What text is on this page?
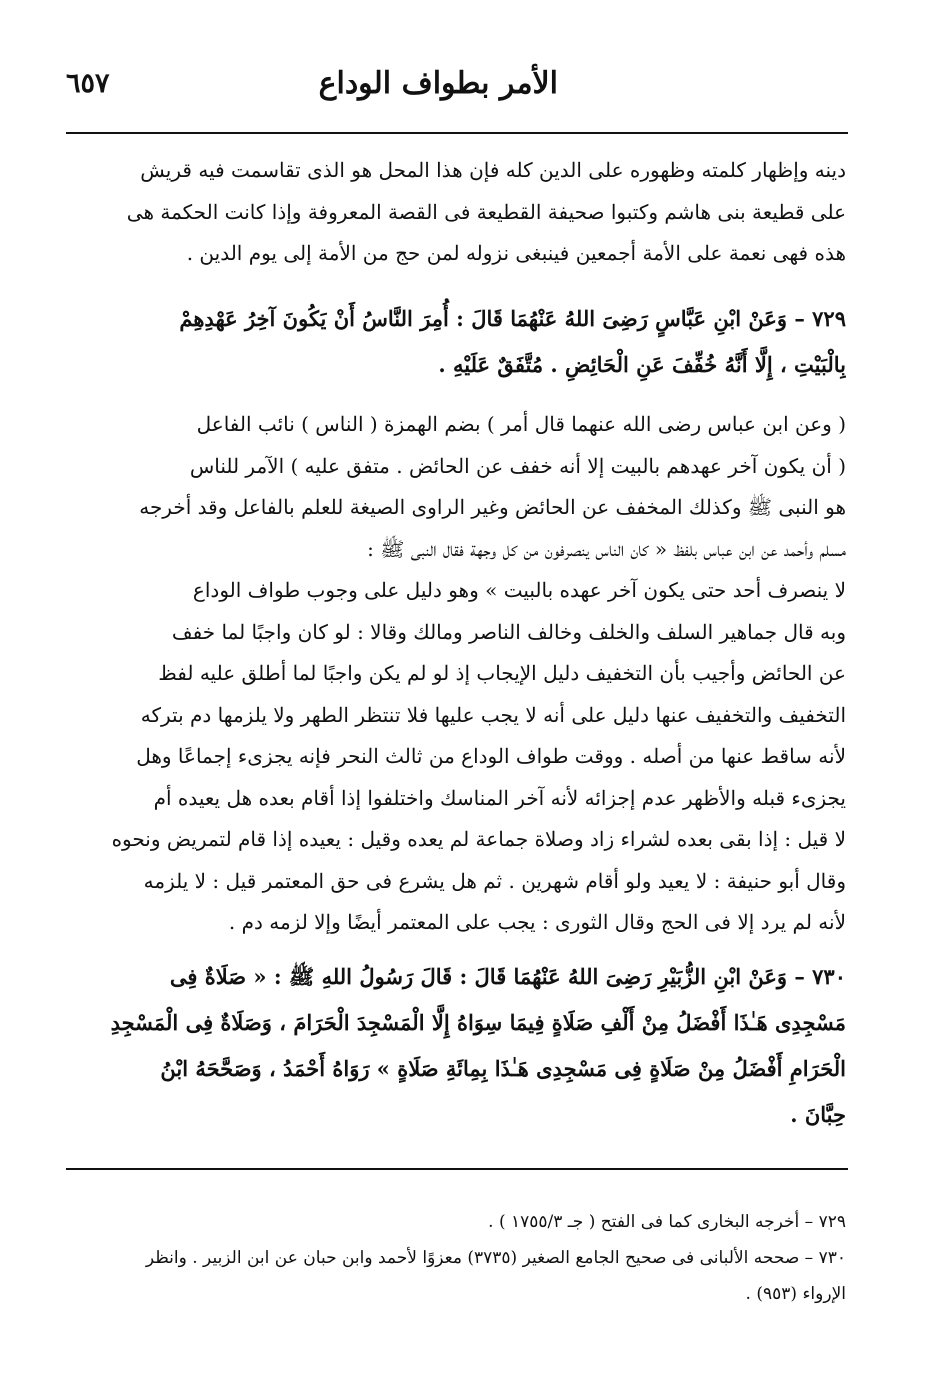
الأمر بطواف الوداع
٦٥٧
دينه وإظهار كلمته وظهوره على الدين كله فإن هذا المحل هو الذى تقاسمت فيه قريش
على قطيعة بنى هاشم وكتبوا صحيفة القطيعة فى القصة المعروفة وإذا كانت الحكمة هى
هذه فهى نعمة على الأمة أجمعين فينبغى نزوله لمن حج من الأمة إلى يوم الدين .
٧٢٩ – وَعَنْ ابْنِ عَبَّاسٍ رَضِىَ اللهُ عَنْهُمَا قَالَ : أُمِرَ النَّاسُ أَنْ يَكُونَ آخِرُ عَهْدِهِمْ
بِالْبَيْتِ ، إِلَّا أَنَّهُ خُفِّفَ عَنِ الْحَائِضِ . مُتَّفَقٌ عَلَيْهِ .
( وعن ابن عباس رضى الله عنهما قال أمر ) بضم الهمزة ( الناس ) نائب الفاعل
( أن يكون آخر عهدهم بالبيت إلا أنه خفف عن الحائض . متفق عليه ) الآمر للناس
هو النبى ﷺ وكذلك المخفف عن الحائض وغير الراوى الصيغة للعلم بالفاعل وقد أخرجه
مسلم وأحمد عن ابن عباس بلفظ « كان الناس ينصرفون من كل وجهة فقال النبى ﷺ :
لا ينصرف أحد حتى يكون آخر عهده بالبيت » وهو دليل على وجوب طواف الوداع
وبه قال جماهير السلف والخلف وخالف الناصر ومالك وقالا : لو كان واجبًا لما خفف
عن الحائض وأجيب بأن التخفيف دليل الإيجاب إذ لو لم يكن واجبًا لما أطلق عليه لفظ
التخفيف والتخفيف عنها دليل على أنه لا يجب عليها فلا تنتظر الطهر ولا يلزمها دم بتركه
لأنه ساقط عنها من أصله . ووقت طواف الوداع من ثالث النحر فإنه يجزىء إجماعًا وهل
يجزىء قبله والأظهر عدم إجزائه لأنه آخر المناسك واختلفوا إذا أقام بعده هل يعيده أم
لا قيل : إذا بقى بعده لشراء زاد وصلاة جماعة لم يعده وقيل : يعيده إذا قام لتمريض ونحوه
وقال أبو حنيفة : لا يعيد ولو أقام شهرين . ثم هل يشرع فى حق المعتمر قيل : لا يلزمه
لأنه لم يرد إلا فى الحج وقال الثورى : يجب على المعتمر أيضًا وإلا لزمه دم .
٧٣٠ – وَعَنْ ابْنِ الزُّبَيْرِ رَضِىَ اللهُ عَنْهُمَا قَالَ : قَالَ رَسُولُ اللهِ ﷺ : « صَلَاةٌ فِى
مَسْجِدِى هَـٰذَا أَفْضَلُ مِنْ أَلْفِ صَلَاةٍ فِيمَا سِوَاهُ إِلَّا الْمَسْجِدَ الْحَرَامَ ، وَصَلَاةٌ فِى الْمَسْجِدِ
الْحَرَامِ أَفْضَلُ مِنْ صَلَاةٍ فِى مَسْجِدِى هَـٰذَا بِمِائَةِ صَلَاةٍ » رَوَاهُ أَحْمَدُ ، وَصَحَّحَهُ ابْنُ
حِبَّانَ .
٧٢٩ – أخرجه البخارى كما فى الفتح ( جـ ١٧٥٥/٣ ) .
٧٣٠ – صححه الألبانى فى صحيح الجامع الصغير (٣٧٣٥) معزوًا لأحمد وابن حبان عن ابن الزبير . وانظر
الإرواء (٩٥٣) .
